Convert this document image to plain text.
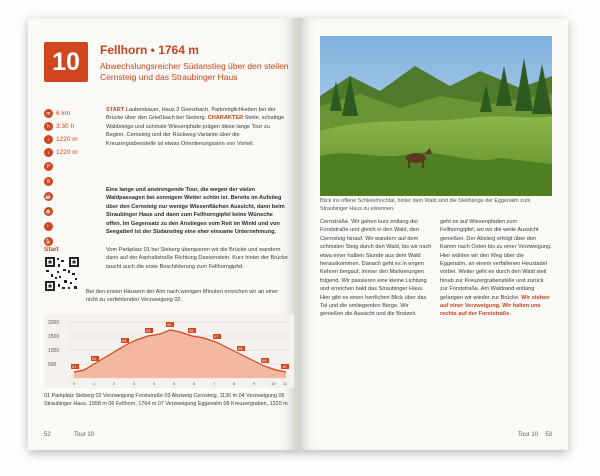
10	Fellhorn • 1764 m
Abwechslungsreicher Südanstieg über den steilen Cernsteig und das Straubinger Haus
m 6 km
h 3:30 h
↑ 1220 m
↓ 1220 m
P
B
☕
🏠
🚶
🐕
START Laubenbauer, Haus 3 Grenzbach, Parkmöglichkeiten bei der Brücke über den Grießbach bei Sieberg. CHARAKTER Steile, schattige Waldsteige und schmale Wiesenpfade prägen diese lange Tour zu Beginn. Cernsteig und der Rückweg-Variante über die Kreuzergrabenstelle ist etwas Orientierungssinn von Vorteil.
Eine lange und anstrengende Tour, die wegen der vielen Waldpassagen bei sonnigem Wetter schön ist. Bereits im Aufstieg über den Cernsteig nur wenige Wiesenflächen Aussicht, dann beim Straubinger Haus und dann zum Fellhorngipfel keine Wünsche offen. Im Gegensatz zu den Anstiegen vom Reit im Winkl und von Seegatterl ist der Südanstieg eine eher einsame Unternehmung.
Start	Vom Parkplatz 01 bei Sieberg überqueren wir die Brücke und wandern dann auf der Asphaltstraße Richtung Dassenstein. Kurz hinter der Brücke taucht auch die erste Beschilderung zum Fellhorngipfel.
Bei den ersten Häusern der Alm nach wenigen Minuten erreichen wir an einer nicht zu verfehlenden Verzweigung 02.
2000
1500
1000
500	01
02
03
04
05
06
07
08
09
10
0	1	2	3	4	5	6	7	8	9	10 11
01 Parkplatz Sieberg 02 Verzweigung Forststraße 03 Abzweig Cernsteig, 1130 m 04 Verzweigung 05 Straubinger Haus, 1558 m 06 Fellhorn, 1764 m 07 Verzweigung Eggenalm 08 Kreuzergraben, 1320 m
52	Tour 10
Blick ins offene Schleierhochtal, hinter dem Wald sind die Steilhänge der Eggenalm zum Straubinger Haus zu erkennen.
Cernstraße. Wir gehen kurz entlang der Forststraße und gleich in den Wald, den Ciernsteig hinauf. Wir wandern auf dem schmalen Steig durch den Wald, bis wir nach etwa einer halben Stunde aus dem Wald herauskommen. Danach geht es in engen Kehren bergauf, immer den Markierungen folgend. Wir passieren eine kleine Lichtung und erreichen bald das Straubinger Haus. Hier gibt es einen herrlichen Blick über das Tal und die umliegenden Berge. Wir genießen die Aussicht und die Brotzeit.
geht es auf Wiesenpfaden zum Fellhorngipfel, wo wir die weite Aussicht genießen. Der Abstieg erfolgt über den Kamm nach Osten bis zu einer Verzweigung. Hier wählen wir den Weg über die Eggenalm, an einem verfallenen Heustadel vorbei. Weiter geht es durch den Wald steil hinab zur Kreuzergrabenstelle und zurück zur Forststraße. Am Waldrand entlang gelangen wir wieder zur Brücke. Wir stehen auf einer Verzweigung. Wir halten uns rechts auf der Forststraße.
Tour 10 53
